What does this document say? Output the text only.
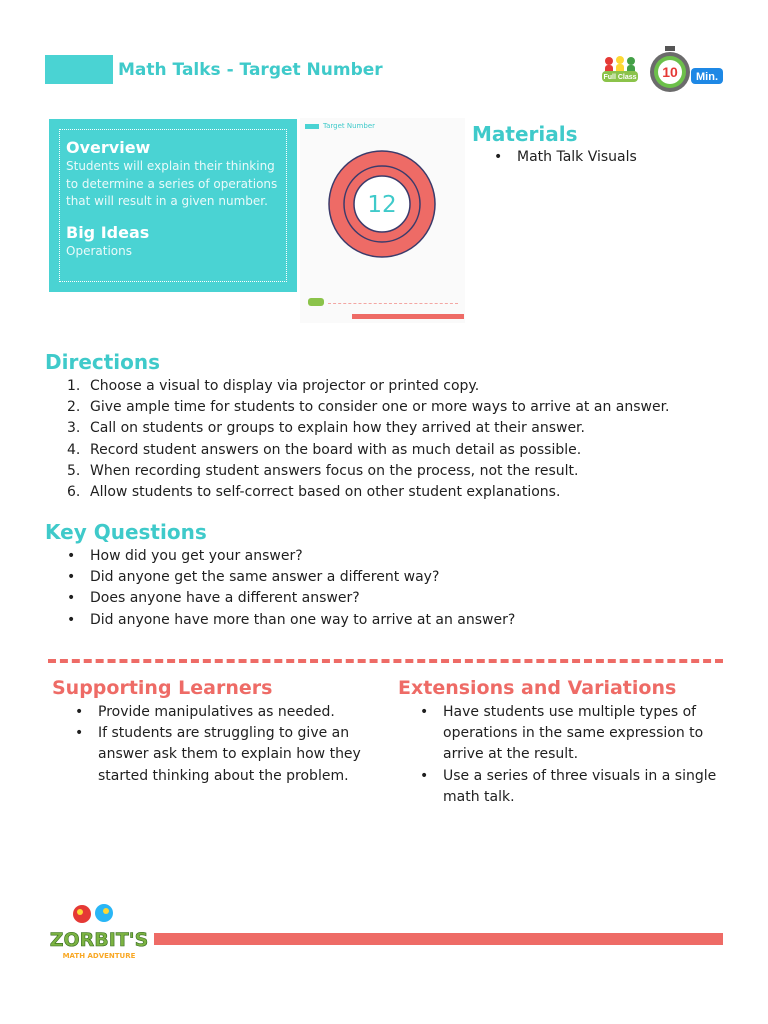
Math Talks - Target Number	Full Class 10 Min.
Overview
Students will explain their thinking to determine a series of operations that will result in a given number.
Big Ideas
Operations
Target Number
12
Materials
• Math Talk Visuals
Directions
1. Choose a visual to display via projector or printed copy.
2. Give ample time for students to consider one or more ways to arrive at an answer.
3. Call on students or groups to explain how they arrived at their answer.
4. Record student answers on the board with as much detail as possible.
5. When recording student answers focus on the process, not the result.
6. Allow students to self-correct based on other student explanations.
Key Questions
• How did you get your answer?
• Did anyone get the same answer a different way?
• Does anyone have a different answer?
• Did anyone have more than one way to arrive at an answer?
Supporting Learners
• Provide manipulatives as needed.
• If students are struggling to give an answer ask them to explain how they started thinking about the problem.
Extensions and Variations
• Have students use multiple types of operations in the same expression to arrive at the result.
• Use a series of three visuals in a single math talk.
ZORBIT'S
MATH ADVENTURE
